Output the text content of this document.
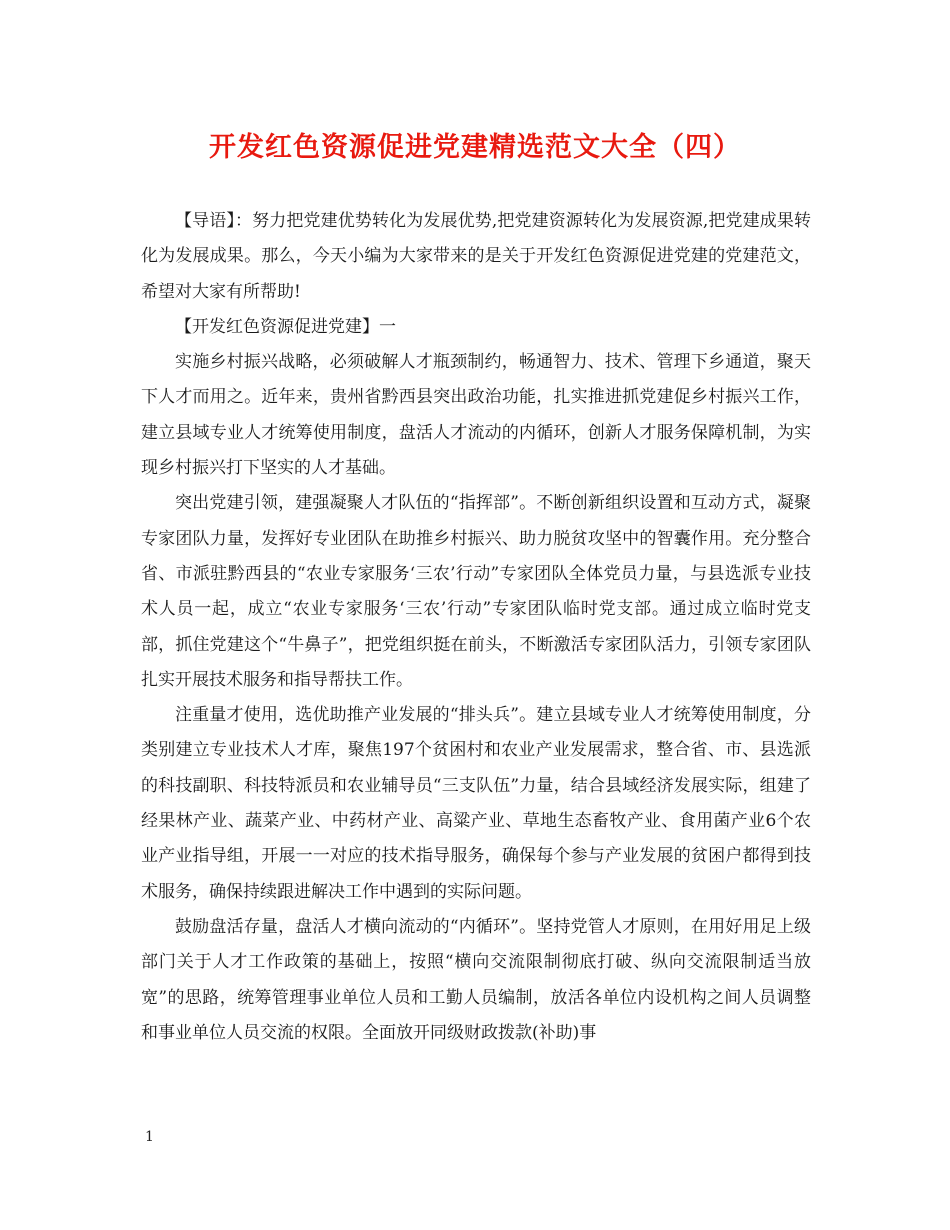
开发红色资源促进党建精选范文大全（四）

【导语】：努力把党建优势转化为发展优势,把党建资源转化为发展资源,把党建成果转化为发展成果。那么，今天小编为大家带来的是关于开发红色资源促进党建的党建范文，希望对大家有所帮助!

【开发红色资源促进党建】一

实施乡村振兴战略，必须破解人才瓶颈制约，畅通智力、技术、管理下乡通道，聚天下人才而用之。近年来，贵州省黔西县突出政治功能，扎实推进抓党建促乡村振兴工作，建立县域专业人才统筹使用制度，盘活人才流动的内循环，创新人才服务保障机制，为实现乡村振兴打下坚实的人才基础。

突出党建引领，建强凝聚人才队伍的“指挥部”。不断创新组织设置和互动方式，凝聚专家团队力量，发挥好专业团队在助推乡村振兴、助力脱贫攻坚中的智囊作用。充分整合省、市派驻黔西县的“农业专家服务‘三农’行动”专家团队全体党员力量，与县选派专业技术人员一起，成立“农业专家服务‘三农’行动”专家团队临时党支部。通过成立临时党支部，抓住党建这个“牛鼻子”，把党组织挺在前头，不断激活专家团队活力，引领专家团队扎实开展技术服务和指导帮扶工作。

注重量才使用，选优助推产业发展的“排头兵”。建立县域专业人才统筹使用制度，分类别建立专业技术人才库，聚焦197个贫困村和农业产业发展需求，整合省、市、县选派的科技副职、科技特派员和农业辅导员“三支队伍”力量，结合县域经济发展实际，组建了经果林产业、蔬菜产业、中药材产业、高粱产业、草地生态畜牧产业、食用菌产业6个农业产业指导组，开展一一对应的技术指导服务，确保每个参与产业发展的贫困户都得到技术服务，确保持续跟进解决工作中遇到的实际问题。

鼓励盘活存量，盘活人才横向流动的“内循环”。坚持党管人才原则，在用好用足上级部门关于人才工作政策的基础上，按照“横向交流限制彻底打破、纵向交流限制适当放宽”的思路，统筹管理事业单位人员和工勤人员编制，放活各单位内设机构之间人员调整和事业单位人员交流的权限。全面放开同级财政拨款(补助)事

1
